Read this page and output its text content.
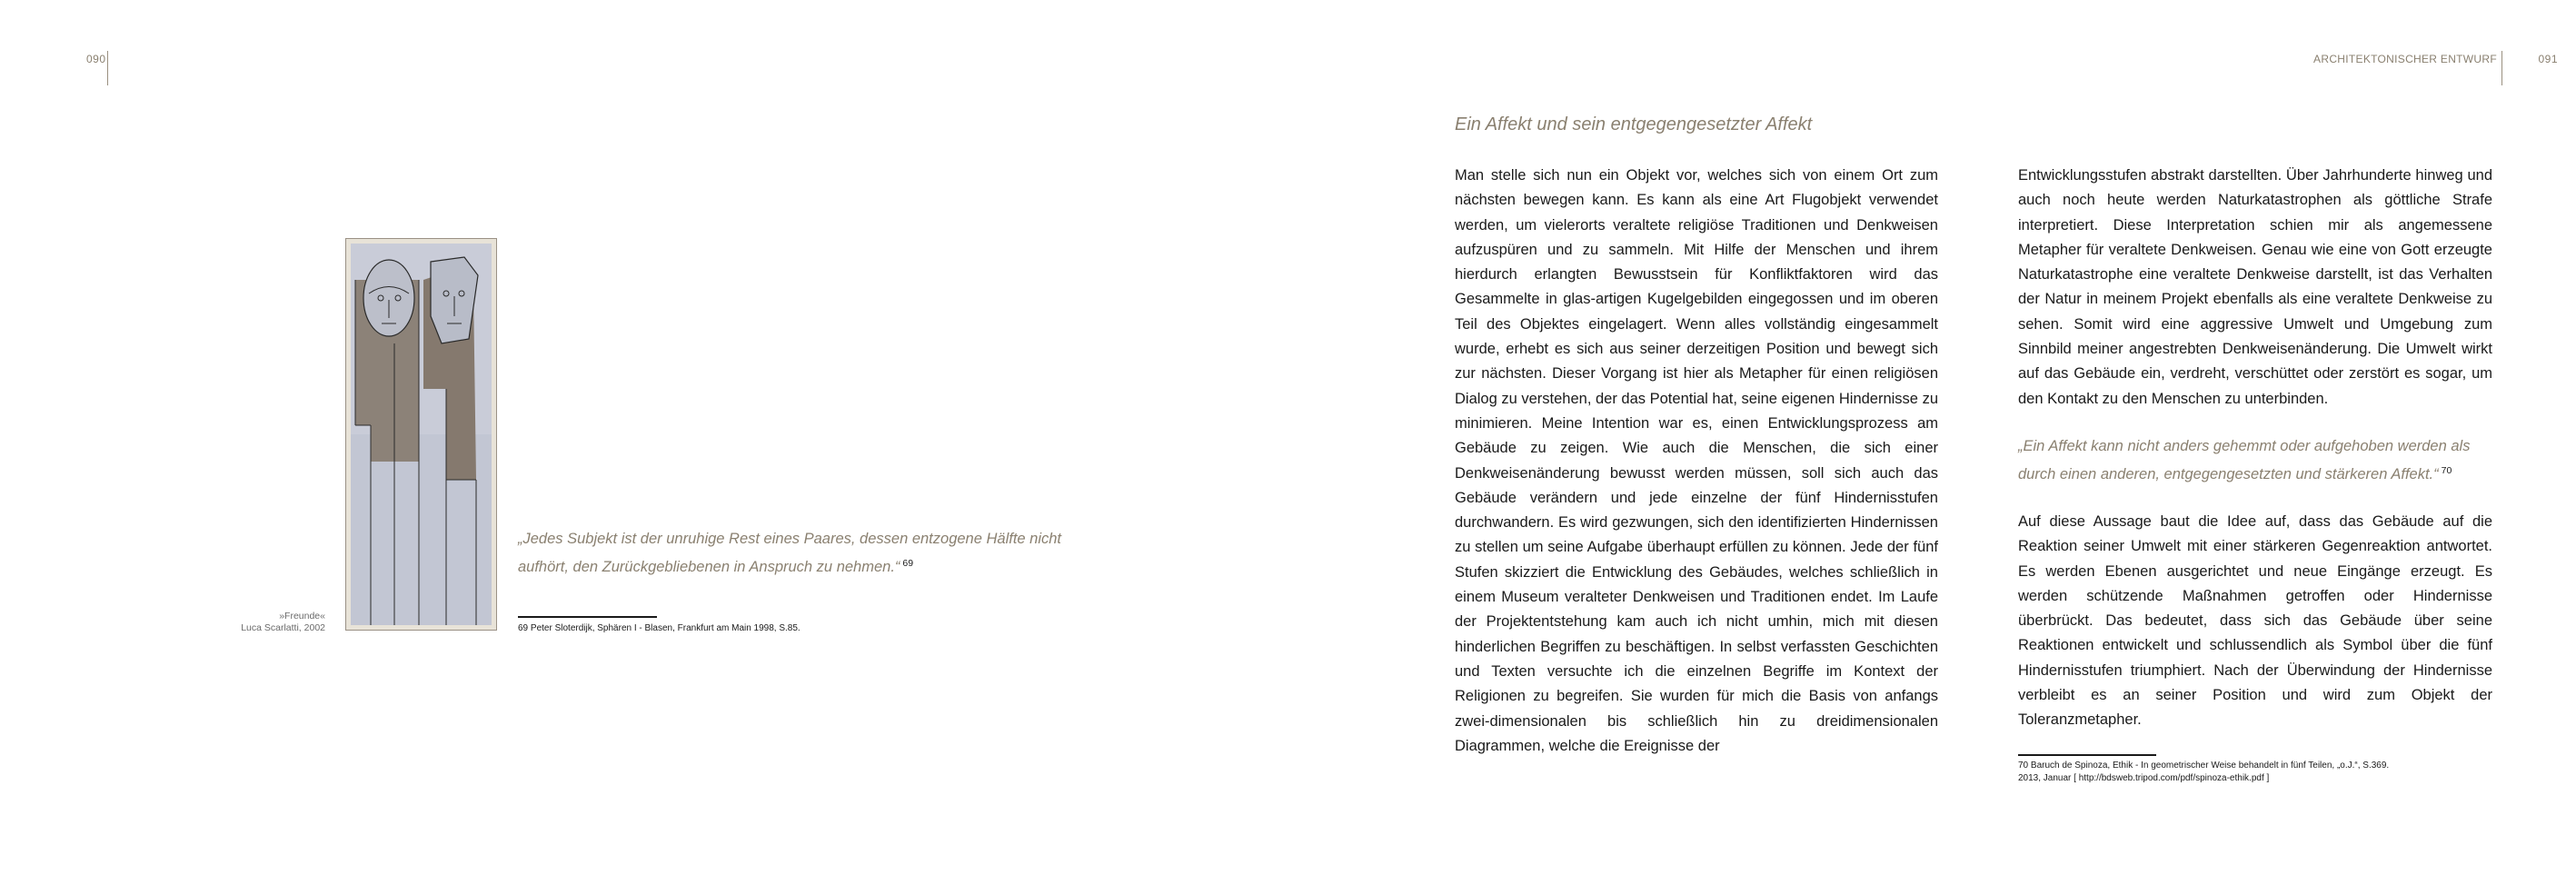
090
»Freunde«
Luca Scarlatti, 2002
„Jedes Subjekt ist der unruhige Rest eines Paares, dessen entzogene Hälfte nicht aufhört, den Zurückgebliebenen in Anspruch zu nehmen.“ $^{69}$
69 Peter Sloterdijk, Sphären I - Blasen, Frankfurt am Main 1998, S.85.
ARCHITEKTONISCHER ENTWURF	091
Ein Affekt und sein entgegengesetzter Affekt
Man stelle sich nun ein Objekt vor, welches sich von einem Ort zum nächsten bewegen kann. Es kann als eine Art Flugobjekt verwendet werden, um vielerorts veraltete religiöse Traditionen und Denkweisen aufzuspüren und zu sammeln. Mit Hilfe der Menschen und ihrem hierdurch erlangten Bewusstsein für Konfliktfaktoren wird das Gesammelte in glas-artigen Kugelgebilden eingegossen und im oberen Teil des Objektes eingelagert. Wenn alles vollständig eingesammelt wurde, erhebt es sich aus seiner derzeitigen Position und bewegt sich zur nächsten. Dieser Vorgang ist hier als Metapher für einen religiösen Dialog zu verstehen, der das Potential hat, seine eigenen Hindernisse zu minimieren. Meine Intention war es, einen Entwicklungsprozess am Gebäude zu zeigen. Wie auch die Menschen, die sich einer Denkweisenänderung bewusst werden müssen, soll sich auch das Gebäude verändern und jede einzelne der fünf Hindernisstufen durchwandern. Es wird gezwungen, sich den identifizierten Hindernissen zu stellen um seine Aufgabe überhaupt erfüllen zu können. Jede der fünf Stufen skizziert die Entwicklung des Gebäudes, welches schließlich in einem Museum veralteter Denkweisen und Traditionen endet. Im Laufe der Projektentstehung kam auch ich nicht umhin, mich mit diesen hinderlichen Begriffen zu beschäftigen. In selbst verfassten Geschichten und Texten versuchte ich die einzelnen Begriffe im Kontext der Religionen zu begreifen. Sie wurden für mich die Basis von anfangs zwei-dimensionalen bis schließlich hin zu dreidimensionalen Diagrammen, welche die Ereignisse der
Entwicklungsstufen abstrakt darstellten. Über Jahrhunderte hinweg und auch noch heute werden Naturkatastrophen als göttliche Strafe interpretiert. Diese Interpretation schien mir als angemessene Metapher für veraltete Denkweisen. Genau wie eine von Gott erzeugte Naturkatastrophe eine veraltete Denkweise darstellt, ist das Verhalten der Natur in meinem Projekt ebenfalls als eine veraltete Denkweise zu sehen. Somit wird eine aggressive Umwelt und Umgebung zum Sinnbild meiner angestrebten Denkweisenänderung. Die Umwelt wirkt auf das Gebäude ein, verdreht, verschüttet oder zerstört es sogar, um den Kontakt zu den Menschen zu unterbinden.
„Ein Affekt kann nicht anders gehemmt oder aufgehoben werden als durch einen anderen, entgegengesetzten und stärkeren Affekt.“ $^{70}$
Auf diese Aussage baut die Idee auf, dass das Gebäude auf die Reaktion seiner Umwelt mit einer stärkeren Gegenreaktion antwortet. Es werden Ebenen ausgerichtet und neue Eingänge erzeugt. Es werden schützende Maßnahmen getroffen oder Hindernisse überbrückt. Das bedeutet, dass sich das Gebäude über seine Reaktionen entwickelt und schlussendlich als Symbol über die fünf Hindernisstufen triumphiert. Nach der Überwindung der Hindernisse verbleibt es an seiner Position und wird zum Objekt der Toleranzmetapher.
70 Baruch de Spinoza, Ethik - In geometrischer Weise behandelt in fünf Teilen, „o.J.“, S.369.
2013, Januar [ http://bdsweb.tripod.com/pdf/spinoza-ethik.pdf ]
